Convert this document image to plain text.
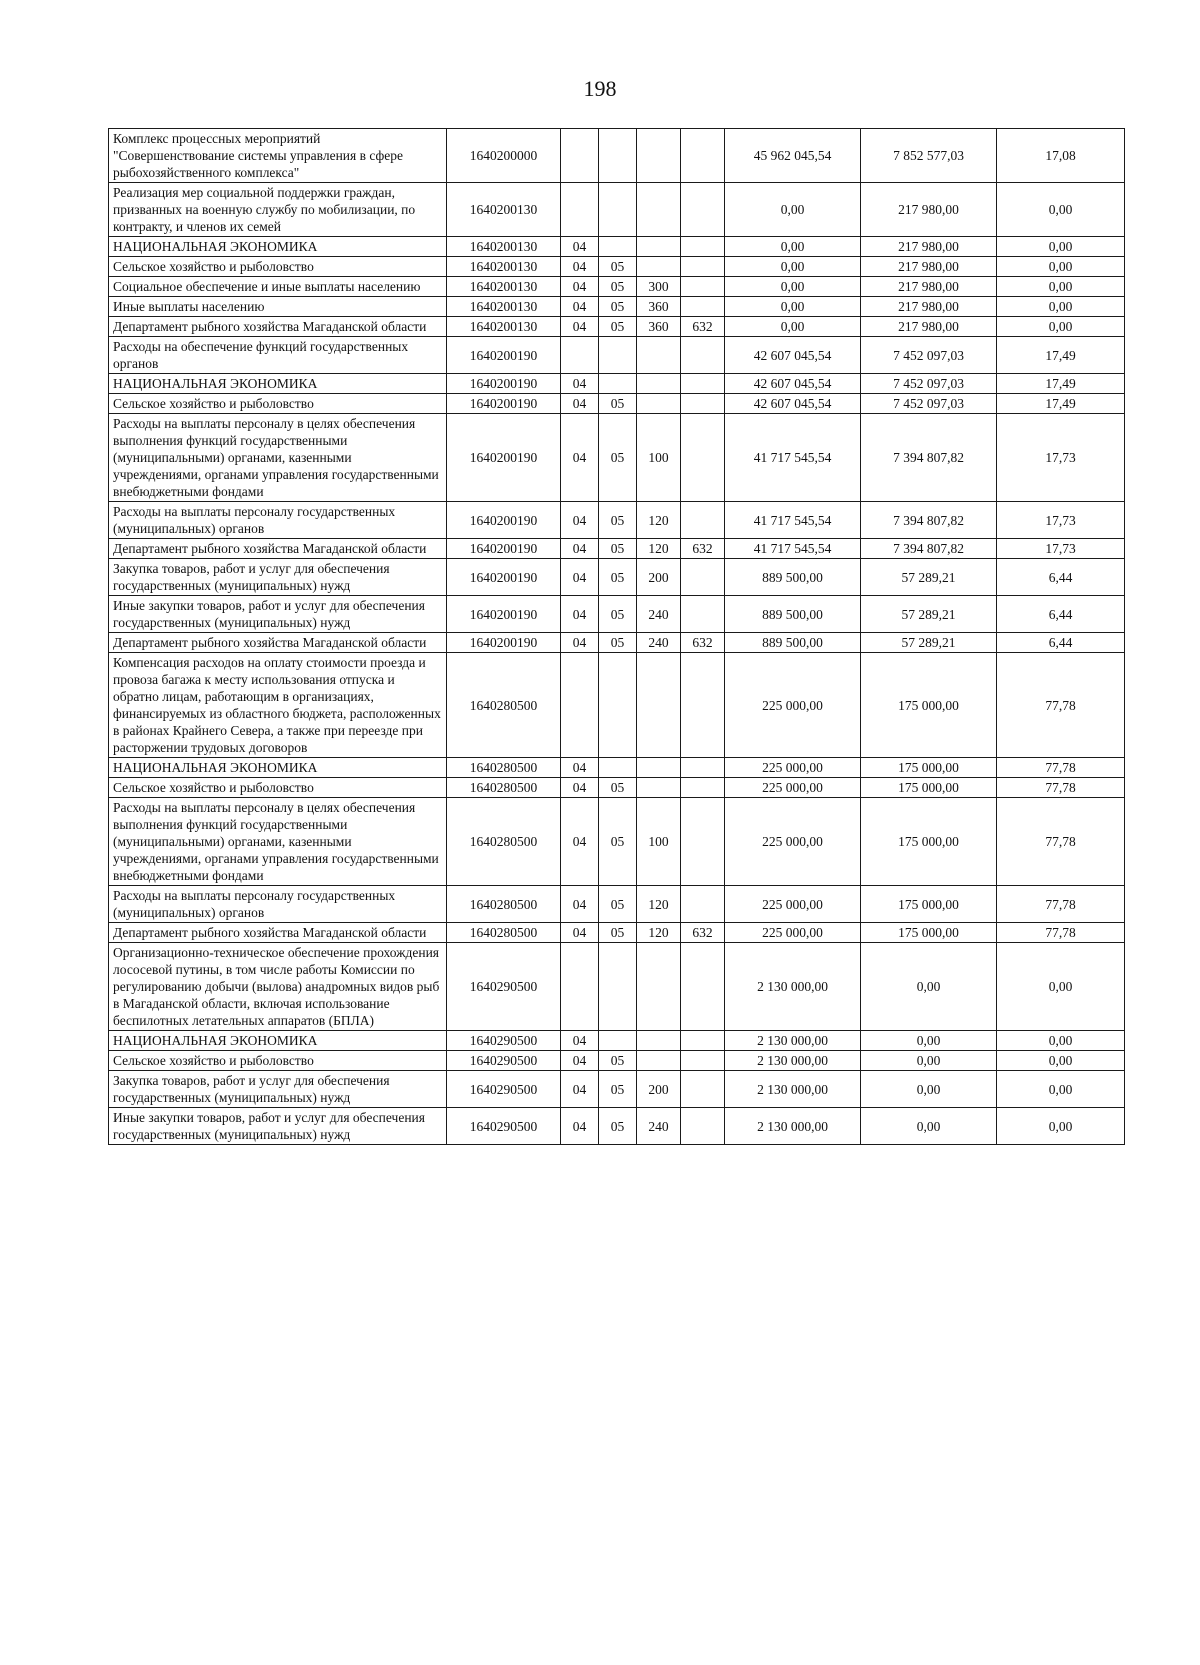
198
Комплекс процессных мероприятий "Совершенствование системы управления в сфере рыбохозяйственного комплекса"	1640200000					45 962 045,54	7 852 577,03	17,08
Реализация мер социальной поддержки граждан, призванных на военную службу по мобилизации, по контракту, и членов их семей	1640200130					0,00	217 980,00	0,00
НАЦИОНАЛЬНАЯ ЭКОНОМИКА	1640200130	04				0,00	217 980,00	0,00
Сельское хозяйство и рыболовство	1640200130	04	05			0,00	217 980,00	0,00
Социальное обеспечение и иные выплаты населению	1640200130	04	05	300		0,00	217 980,00	0,00
Иные выплаты населению	1640200130	04	05	360		0,00	217 980,00	0,00
Департамент рыбного хозяйства Магаданской области	1640200130	04	05	360	632	0,00	217 980,00	0,00
Расходы на обеспечение функций государственных органов	1640200190					42 607 045,54	7 452 097,03	17,49
НАЦИОНАЛЬНАЯ ЭКОНОМИКА	1640200190	04				42 607 045,54	7 452 097,03	17,49
Сельское хозяйство и рыболовство	1640200190	04	05			42 607 045,54	7 452 097,03	17,49
Расходы на выплаты персоналу в целях обеспечения выполнения функций государственными (муниципальными) органами, казенными учреждениями, органами управления государственными внебюджетными фондами	1640200190	04	05	100		41 717 545,54	7 394 807,82	17,73
Расходы на выплаты персоналу государственных (муниципальных) органов	1640200190	04	05	120		41 717 545,54	7 394 807,82	17,73
Департамент рыбного хозяйства Магаданской области	1640200190	04	05	120	632	41 717 545,54	7 394 807,82	17,73
Закупка товаров, работ и услуг для обеспечения государственных (муниципальных) нужд	1640200190	04	05	200		889 500,00	57 289,21	6,44
Иные закупки товаров, работ и услуг для обеспечения государственных (муниципальных) нужд	1640200190	04	05	240		889 500,00	57 289,21	6,44
Департамент рыбного хозяйства Магаданской области	1640200190	04	05	240	632	889 500,00	57 289,21	6,44
Компенсация расходов на оплату стоимости проезда и провоза багажа к месту использования отпуска и обратно лицам, работающим в организациях, финансируемых из областного бюджета, расположенных в районах Крайнего Севера, а также при переезде при расторжении трудовых договоров	1640280500					225 000,00	175 000,00	77,78
НАЦИОНАЛЬНАЯ ЭКОНОМИКА	1640280500	04				225 000,00	175 000,00	77,78
Сельское хозяйство и рыболовство	1640280500	04	05			225 000,00	175 000,00	77,78
Расходы на выплаты персоналу в целях обеспечения выполнения функций государственными (муниципальными) органами, казенными учреждениями, органами управления государственными внебюджетными фондами	1640280500	04	05	100		225 000,00	175 000,00	77,78
Расходы на выплаты персоналу государственных (муниципальных) органов	1640280500	04	05	120		225 000,00	175 000,00	77,78
Департамент рыбного хозяйства Магаданской области	1640280500	04	05	120	632	225 000,00	175 000,00	77,78
Организационно-техническое обеспечение прохождения лососевой путины, в том числе работы Комиссии по регулированию добычи (вылова) анадромных видов рыб в Магаданской области, включая использование беспилотных летательных аппаратов (БПЛА)	1640290500					2 130 000,00	0,00	0,00
НАЦИОНАЛЬНАЯ ЭКОНОМИКА	1640290500	04				2 130 000,00	0,00	0,00
Сельское хозяйство и рыболовство	1640290500	04	05			2 130 000,00	0,00	0,00
Закупка товаров, работ и услуг для обеспечения государственных (муниципальных) нужд	1640290500	04	05	200		2 130 000,00	0,00	0,00
Иные закупки товаров, работ и услуг для обеспечения государственных (муниципальных) нужд	1640290500	04	05	240		2 130 000,00	0,00	0,00
